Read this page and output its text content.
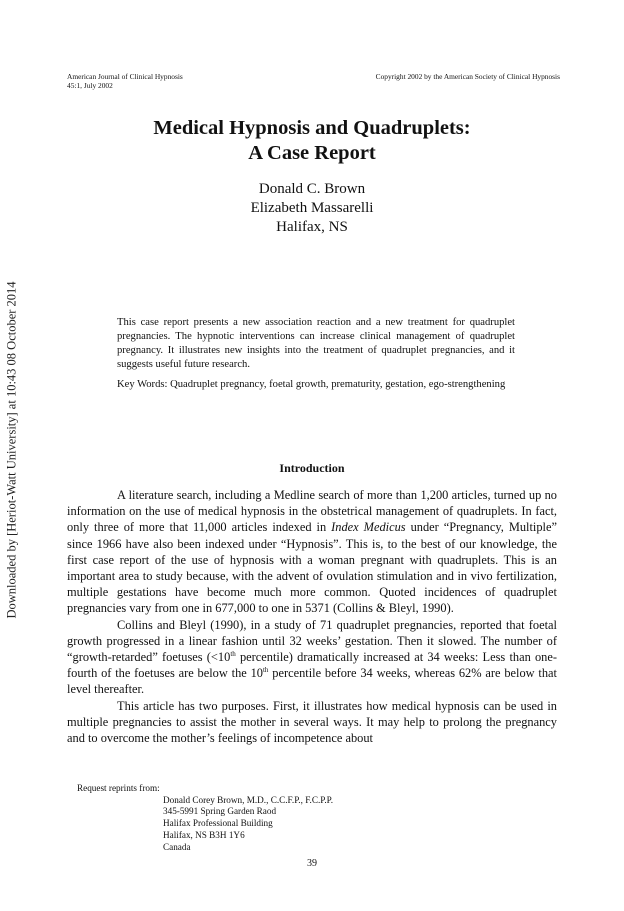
American Journal of Clinical Hypnosis
45:1, July 2002
Copyright 2002 by the American Society of Clinical Hypnosis
Downloaded by [Heriot-Watt University] at 10:43 08 October 2014
Medical Hypnosis and Quadruplets:
A Case Report
Donald C. Brown
Elizabeth Massarelli
Halifax, NS

This case report presents a new association reaction and a new treatment for quadruplet pregnancies. The hypnotic interventions can increase clinical management of quadruplet pregnancy. It illustrates new insights into the treatment of quadruplet pregnancies, and it suggests useful future research.

Key Words: Quadruplet pregnancy, foetal growth, prematurity, gestation, ego-strengthening

Introduction

A literature search, including a Medline search of more than 1,200 articles, turned up no information on the use of medical hypnosis in the obstetrical management of quadruplets. In fact, only three of more that 11,000 articles indexed in Index Medicus under “Pregnancy, Multiple” since 1966 have also been indexed under “Hypnosis”. This is, to the best of our knowledge, the first case report of the use of hypnosis with a woman pregnant with quadruplets. This is an important area to study because, with the advent of ovulation stimulation and in vivo fertilization, multiple gestations have become much more common. Quoted incidences of quadruplet pregnancies vary from one in 677,000 to one in 5371 (Collins & Bleyl, 1990).

Collins and Bleyl (1990), in a study of 71 quadruplet pregnancies, reported that foetal growth progressed in a linear fashion until 32 weeks’ gestation. Then it slowed. The number of “growth-retarded” foetuses (<10th percentile) dramatically increased at 34 weeks: Less than one-fourth of the foetuses are below the 10th percentile before 34 weeks, whereas 62% are below that level thereafter.

This article has two purposes. First, it illustrates how medical hypnosis can be used in multiple pregnancies to assist the mother in several ways. It may help to prolong the pregnancy and to overcome the mother’s feelings of incompetence about

Request reprints from:
Donald Corey Brown, M.D., C.C.F.P., F.C.P.P.
345-5991 Spring Garden Raod
Halifax Professional Building
Halifax, NS B3H 1Y6
Canada
39
